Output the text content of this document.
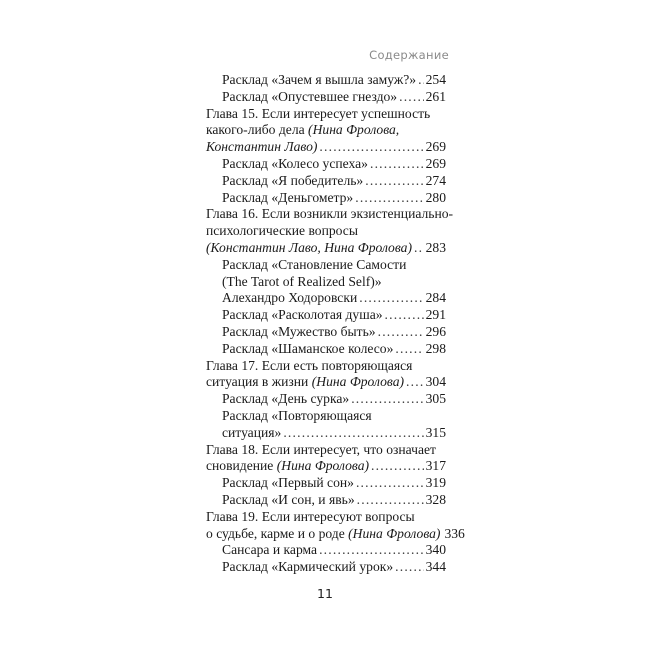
Содержание
Расклад «Зачем я вышла замуж?» . . . 254
Расклад «Опустевшее гнездо» . . . 261
Глава 15. Если интересует успешность
какого-либо дела (Нина Фролова,
Константин Лаво) . . .	269
Расклад «Колесо успеха» . . .	269
Расклад «Я победитель» . . .	274
Расклад «Деньгометр» . . .	280
Глава 16. Если возникли экзистенциально-
психологические вопросы
(Константин Лаво, Нина Фролова) . . . 283
Расклад «Становление Самости
(The Tarot of Realized Self)»
Алехандро Ходоровски . . .	284
Расклад «Расколотая душа» . . .	291
Расклад «Мужество быть» . . .	296
Расклад «Шаманское колесо» . . . 298
Глава 17. Если есть повторяющаяся
ситуация в жизни (Нина Фролова) . . . 304
Расклад «День сурка» . . .	305
Расклад «Повторяющаяся
ситуация» . . .	315
Глава 18. Если интересует, что означает
сновидение (Нина Фролова) . . .	317
Расклад «Первый сон» . . .	319
Расклад «И сон, и явь» . . .	328
Глава 19. Если интересуют вопросы
о судьбе, карме и о роде (Нина Фролова) 336
Сансара и карма . . .	340
Расклад «Кармический урок» . . . 344
11
